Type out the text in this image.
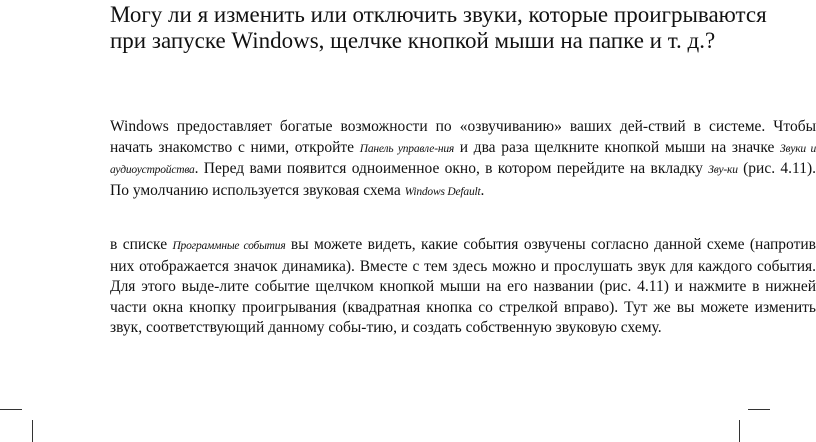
Могу ли я изменить или отключить звуки, которые проигрываются при запуске Windows, щелчке кнопкой мыши на папке и т. д.?

Windows предоставляет богатые возможности по «озвучиванию» ваших дей-ствий в системе. Чтобы начать знакомство с ними, откройте Панель управле-ния и два раза щелкните кнопкой мыши на значке Звуки и аудиоустройства. Перед вами появится одноименное окно, в котором перейдите на вкладку Зву-ки (рис. 4.11). По умолчанию используется звуковая схема Windows Default.

в списке Программные события вы можете видеть, какие события озвучены согласно данной схеме (напротив них отображается значок динамика). Вместе с тем здесь можно и прослушать звук для каждого события. Для этого выде-лите событие щелчком кнопкой мыши на его названии (рис. 4.11) и нажмите в нижней части окна кнопку проигрывания (квадратная кнопка со стрелкой вправо). Тут же вы можете изменить звук, соответствующий данному собы-тию, и создать собственную звуковую схему.
